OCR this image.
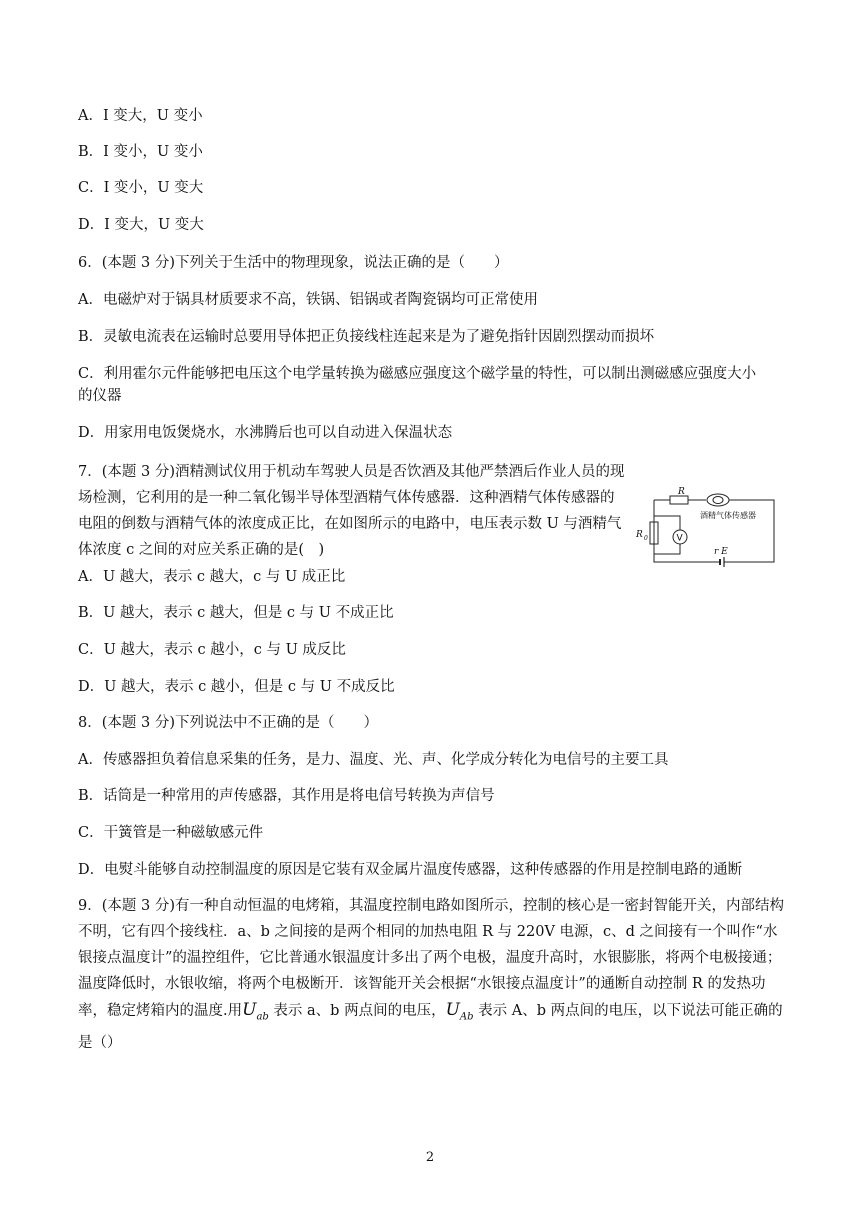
A．I 变大，U 变小
B．I 变小，U 变小
C．I 变小，U 变大
D．I 变大，U 变大
6．(本题 3 分)下列关于生活中的物理现象，说法正确的是（　　）
A．电磁炉对于锅具材质要求不高，铁锅、铝锅或者陶瓷锅均可正常使用
B．灵敏电流表在运输时总要用导体把正负接线柱连起来是为了避免指针因剧烈摆动而损坏
C．利用霍尔元件能够把电压这个电学量转换为磁感应强度这个磁学量的特性，可以制出测磁感应强度大小
的仪器
D．用家用电饭煲烧水，水沸腾后也可以自动进入保温状态
7．(本题 3 分)酒精测试仪用于机动车驾驶人员是否饮酒及其他严禁酒后作业人员的现场检测，它利用的是一种二氧化锡半导体型酒精气体传感器．这种酒精气体传感器的电阻的倒数与酒精气体的浓度成正比，在如图所示的电路中，电压表示数 U 与酒精气体浓度 c 之间的对应关系正确的是(　)
R
酒精气体传感器
R 0	V
r E
A．U 越大，表示 c 越大，c 与 U 成正比
B．U 越大，表示 c 越大，但是 c 与 U 不成正比
C．U 越大，表示 c 越小，c 与 U 成反比
D．U 越大，表示 c 越小，但是 c 与 U 不成反比
8．(本题 3 分)下列说法中不正确的是（　　）
A．传感器担负着信息采集的任务，是力、温度、光、声、化学成分转化为电信号的主要工具
B．话筒是一种常用的声传感器，其作用是将电信号转换为声信号
C．干簧管是一种磁敏感元件
D．电熨斗能够自动控制温度的原因是它装有双金属片温度传感器，这种传感器的作用是控制电路的通断
9．(本题 3 分)有一种自动恒温的电烤箱，其温度控制电路如图所示，控制的核心是一密封智能开关，内部结构不明，它有四个接线柱．a、b 之间接的是两个相同的加热电阻 R 与 220V 电源，c、d 之间接有一个叫作“水银接点温度计”的温控组件，它比普通水银温度计多出了两个电极，温度升高时，水银膨胀，将两个电极接通；温度降低时，水银收缩，将两个电极断开．该智能开关会根据“水银接点温度计”的通断自动控制 R 的发热功率，稳定烤箱内的温度.用$U_{ab}$ 表示 a、b 两点间的电压，$U_{Ab}$ 表示 A、b 两点间的电压，以下说法可能正确的是（）
2
